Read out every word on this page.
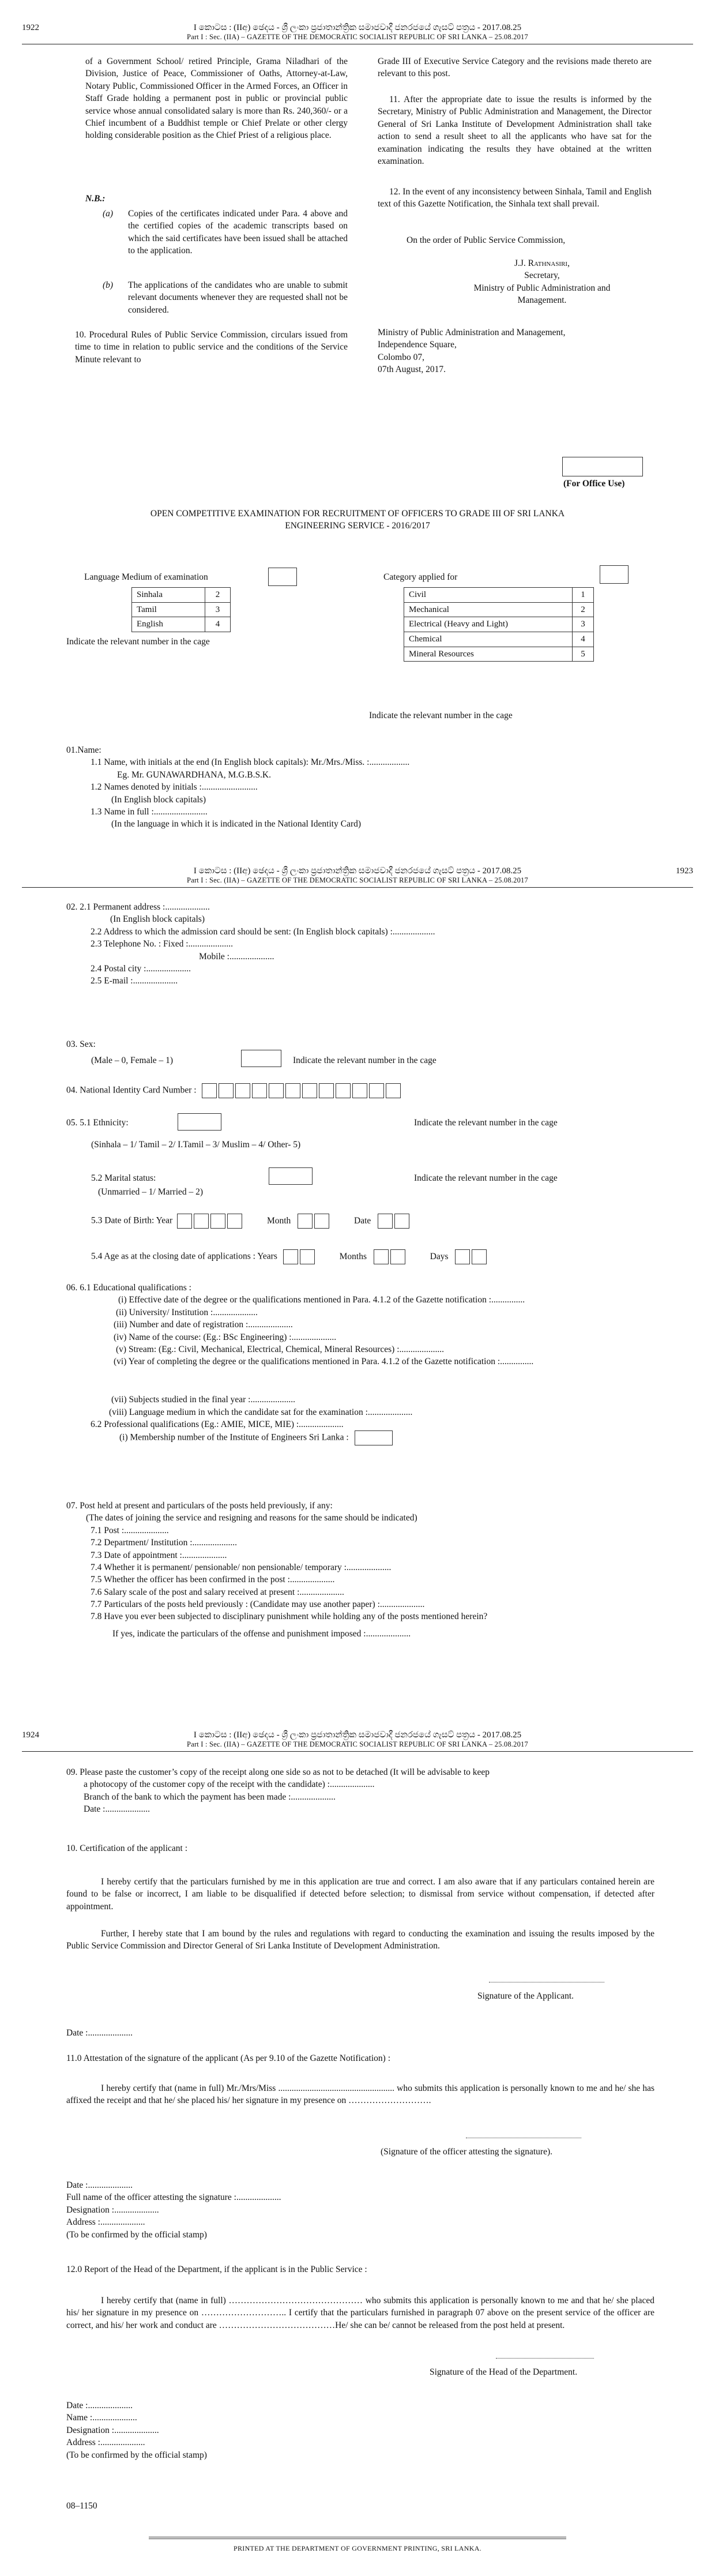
1922	I කොටස : (IIඅ) ඡෙදය - ශ්‍රී ලංකා ප්‍රජාතාන්ත්‍රික සමාජවාදී ජනරජයේ ගැසට් පත්‍රය - 2017.08.25
Part I : Sec. (IIA) – GAZETTE OF THE DEMOCRATIC SOCIALIST REPUBLIC OF SRI LANKA – 25.08.2017

of a Government School/ retired Principle, Grama Niladhari of the Division, Justice of Peace, Commissioner of Oaths, Attorney-at-Law, Notary Public, Commissioned Officer in the Armed Forces, an Officer in Staff Grade holding a permanent post in public or provincial public service whose annual consolidated salary is more than Rs. 240,360/- or a Chief incumbent of a Buddhist temple or Chief Prelate or other clergy holding considerable position as the Chief Priest of a religious place.

N.B.:
(a) Copies of the certificates indicated under Para. 4 above and the certified copies of the academic transcripts based on which the said certificates have been issued shall be attached to the application.
(b) The applications of the candidates who are unable to submit relevant documents whenever they are requested shall not be considered.
10. Procedural Rules of Public Service Commission, circulars issued from time to time in relation to public service and the conditions of the Service Minute relevant to
Grade III of Executive Service Category and the revisions made thereto are relevant to this post.
11. After the appropriate date to issue the results is informed by the Secretary, Ministry of Public Administration and Management, the Director General of Sri Lanka Institute of Development Administration shall take action to send a result sheet to all the applicants who have sat for the examination indicating the results they have obtained at the written examination.
12. In the event of any inconsistency between Sinhala, Tamil and English text of this Gazette Notification, the Sinhala text shall prevail.
On the order of Public Service Commission,
J.J. Rathnasiri,
Secretary,
Ministry of Public Administration and
Management.
Ministry of Public Administration and Management,
Independence Square,
Colombo 07,
07th August, 2017.
(For Office Use)
OPEN COMPETITIVE EXAMINATION FOR RECRUITMENT OF OFFICERS TO GRADE III OF SRI LANKA
ENGINEERING SERVICE - 2016/2017
Language Medium of examination
Sinhala	2
Tamil	3
English	4
Indicate the relevant number in the cage
Category applied for
Civil	1
Mechanical	2
Electrical (Heavy and Light)	3
Chemical	4
Mineral Resources	5
Indicate the relevant number in the cage
01.Name:
1.1 Name, with initials at the end (In English block capitals): Mr./Mrs./Miss. :..................
Eg. Mr. GUNAWARDHANA, M.G.B.S.K.
1.2 Names denoted by initials :.........................
(In English block capitals)
1.3 Name in full :........................
(In the language in which it is indicated in the National Identity Card)
1923
I කොටස : (IIඅ) ඡෙදය - ශ්‍රී ලංකා ප්‍රජාතාන්ත්‍රික සමාජවාදී ජනරජයේ ගැසට් පත්‍රය - 2017.08.25
Part I : Sec. (IIA) – GAZETTE OF THE DEMOCRATIC SOCIALIST REPUBLIC OF SRI LANKA – 25.08.2017
02. 2.1 Permanent address :....................
(In English block capitals)
2.2 Address to which the admission card should be sent: (In English block capitals) :...................
2.3 Telephone No. : Fixed :....................
Mobile :....................
2.4 Postal city :....................
2.5 E-mail :....................
03. Sex:
(Male – 0, Female – 1)	Indicate the relevant number in the cage
04. National Identity Card Number :
05. 5.1 Ethnicity:	Indicate the relevant number in the cage
(Sinhala – 1/ Tamil – 2/ I.Tamil – 3/ Muslim – 4/ Other- 5)
5.2 Marital status:	Indicate the relevant number in the cage
(Unmarried – 1/ Married – 2)
5.3 Date of Birth: Year	Month	Date
5.4 Age as at the closing date of applications : Years	Months	Days
06. 6.1 Educational qualifications :
(i) Effective date of the degree or the qualifications mentioned in Para. 4.1.2 of the Gazette notification :...............
(ii) University/ Institution :....................
(iii) Number and date of registration :....................
(iv) Name of the course: (Eg.: BSc Engineering) :....................
(v) Stream: (Eg.: Civil, Mechanical, Electrical, Chemical, Mineral Resources) :....................
(vi) Year of completing the degree or the qualifications mentioned in Para. 4.1.2 of the Gazette notification :...............
(vii) Subjects studied in the final year :....................
(viii) Language medium in which the candidate sat for the examination :....................
6.2 Professional qualifications (Eg.: AMIE, MICE, MIE) :....................
(i) Membership number of the Institute of Engineers Sri Lanka :
07. Post held at present and particulars of the posts held previously, if any:
(The dates of joining the service and resigning and reasons for the same should be indicated)
7.1 Post :....................
7.2 Department/ Institution :....................
7.3 Date of appointment :....................
7.4 Whether it is permanent/ pensionable/ non pensionable/ temporary :....................
7.5 Whether the officer has been confirmed in the post :....................
7.6 Salary scale of the post and salary received at present :....................
7.7 Particulars of the posts held previously : (Candidate may use another paper) :....................
7.8 Have you ever been subjected to disciplinary punishment while holding any of the posts mentioned herein?
If yes, indicate the particulars of the offense and punishment imposed :....................
1924	I කොටස : (IIඅ) ඡෙදය - ශ්‍රී ලංකා ප්‍රජාතාන්ත්‍රික සමාජවාදී ජනරජයේ ගැසට් පත්‍රය - 2017.08.25
Part I : Sec. (IIA) – GAZETTE OF THE DEMOCRATIC SOCIALIST REPUBLIC OF SRI LANKA – 25.08.2017
09. Please paste the customer’s copy of the receipt along one side so as not to be detached (It will be advisable to keep
a photocopy of the customer copy of the receipt with the candidate) :....................
Branch of the bank to which the payment has been made :....................
Date :....................
10. Certification of the applicant :
I hereby certify that the particulars furnished by me in this application are true and correct. I am also aware that if any particulars contained herein are found to be false or incorrect, I am liable to be disqualified if detected before selection; to dismissal from service without compensation, if detected after appointment.
Further, I hereby state that I am bound by the rules and regulations with regard to conducting the examination and issuing the results imposed by the Public Service Commission and Director General of Sri Lanka Institute of Development Administration.
Signature of the Applicant.
Date :....................
11.0 Attestation of the signature of the applicant (As per 9.10 of the Gazette Notification) :
I hereby certify that (name in full) Mr./Mrs/Miss .................................................... who submits this application is personally known to me and he/ she has affixed the receipt and that he/ she placed his/ her signature in my presence on ……………………….
(Signature of the officer attesting the signature).
Date :....................
Full name of the officer attesting the signature :....................
Designation :....................
Address :....................
(To be confirmed by the official stamp)
12.0 Report of the Head of the Department, if the applicant is in the Public Service :
I hereby certify that (name in full) ……………………………………… who submits this application is personally known to me and that he/ she placed his/ her signature in my presence on ……………………….. I certify that the particulars furnished in paragraph 07 above on the present service of the officer are correct, and his/ her work and conduct are …………………………………He/ she can be/ cannot be released from the post held at present.
Signature of the Head of the Department.
Date :....................
Name :....................
Designation :....................
Address :....................
(To be confirmed by the official stamp)
08–1150
PRINTED AT THE DEPARTMENT OF GOVERNMENT PRINTING, SRI LANKA.
